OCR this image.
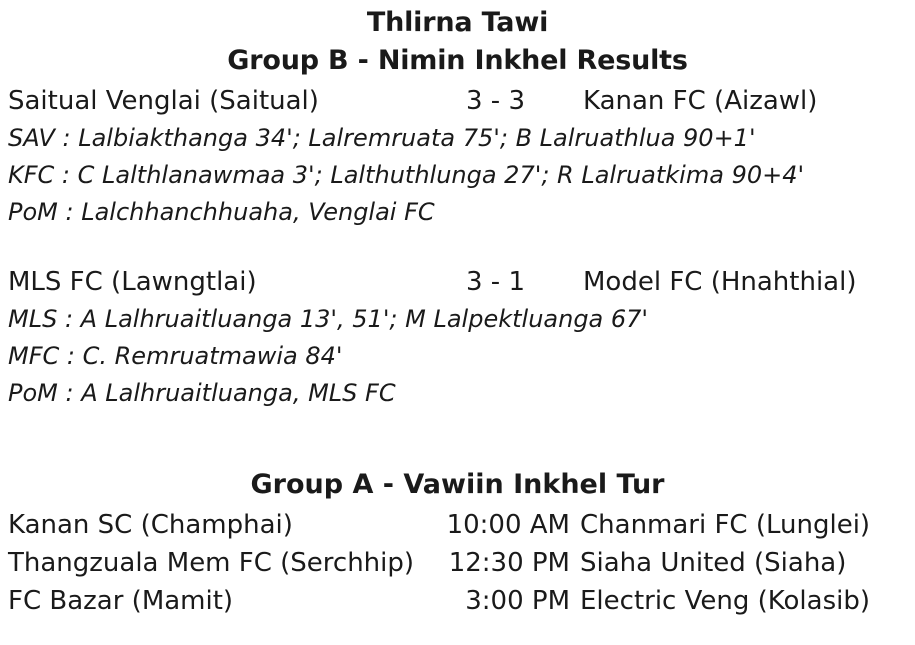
Thlirna Tawi
Group B - Nimin Inkhel Results
Saitual Venglai (Saitual)	3 - 3	Kanan FC (Aizawl)
SAV : Lalbiakthanga 34'; Lalremruata 75'; B Lalruathlua 90+1'
KFC : C Lalthlanawmaa 3'; Lalthuthlunga 27'; R Lalruatkima 90+4'
PoM : Lalchhanchhuaha, Venglai FC
MLS FC (Lawngtlai)	3 - 1	Model FC (Hnahthial)
MLS : A Lalhruaitluanga 13', 51'; M Lalpektluanga 67'
MFC : C. Remruatmawia 84'
PoM : A Lalhruaitluanga, MLS FC
Group A - Vawiin Inkhel Tur
Kanan SC (Champhai)	10:00 AM Chanmari FC (Lunglei)
Thangzuala Mem FC (Serchhip)	12:30 PM Siaha United (Siaha)
FC Bazar (Mamit)	3:00 PM Electric Veng (Kolasib)
